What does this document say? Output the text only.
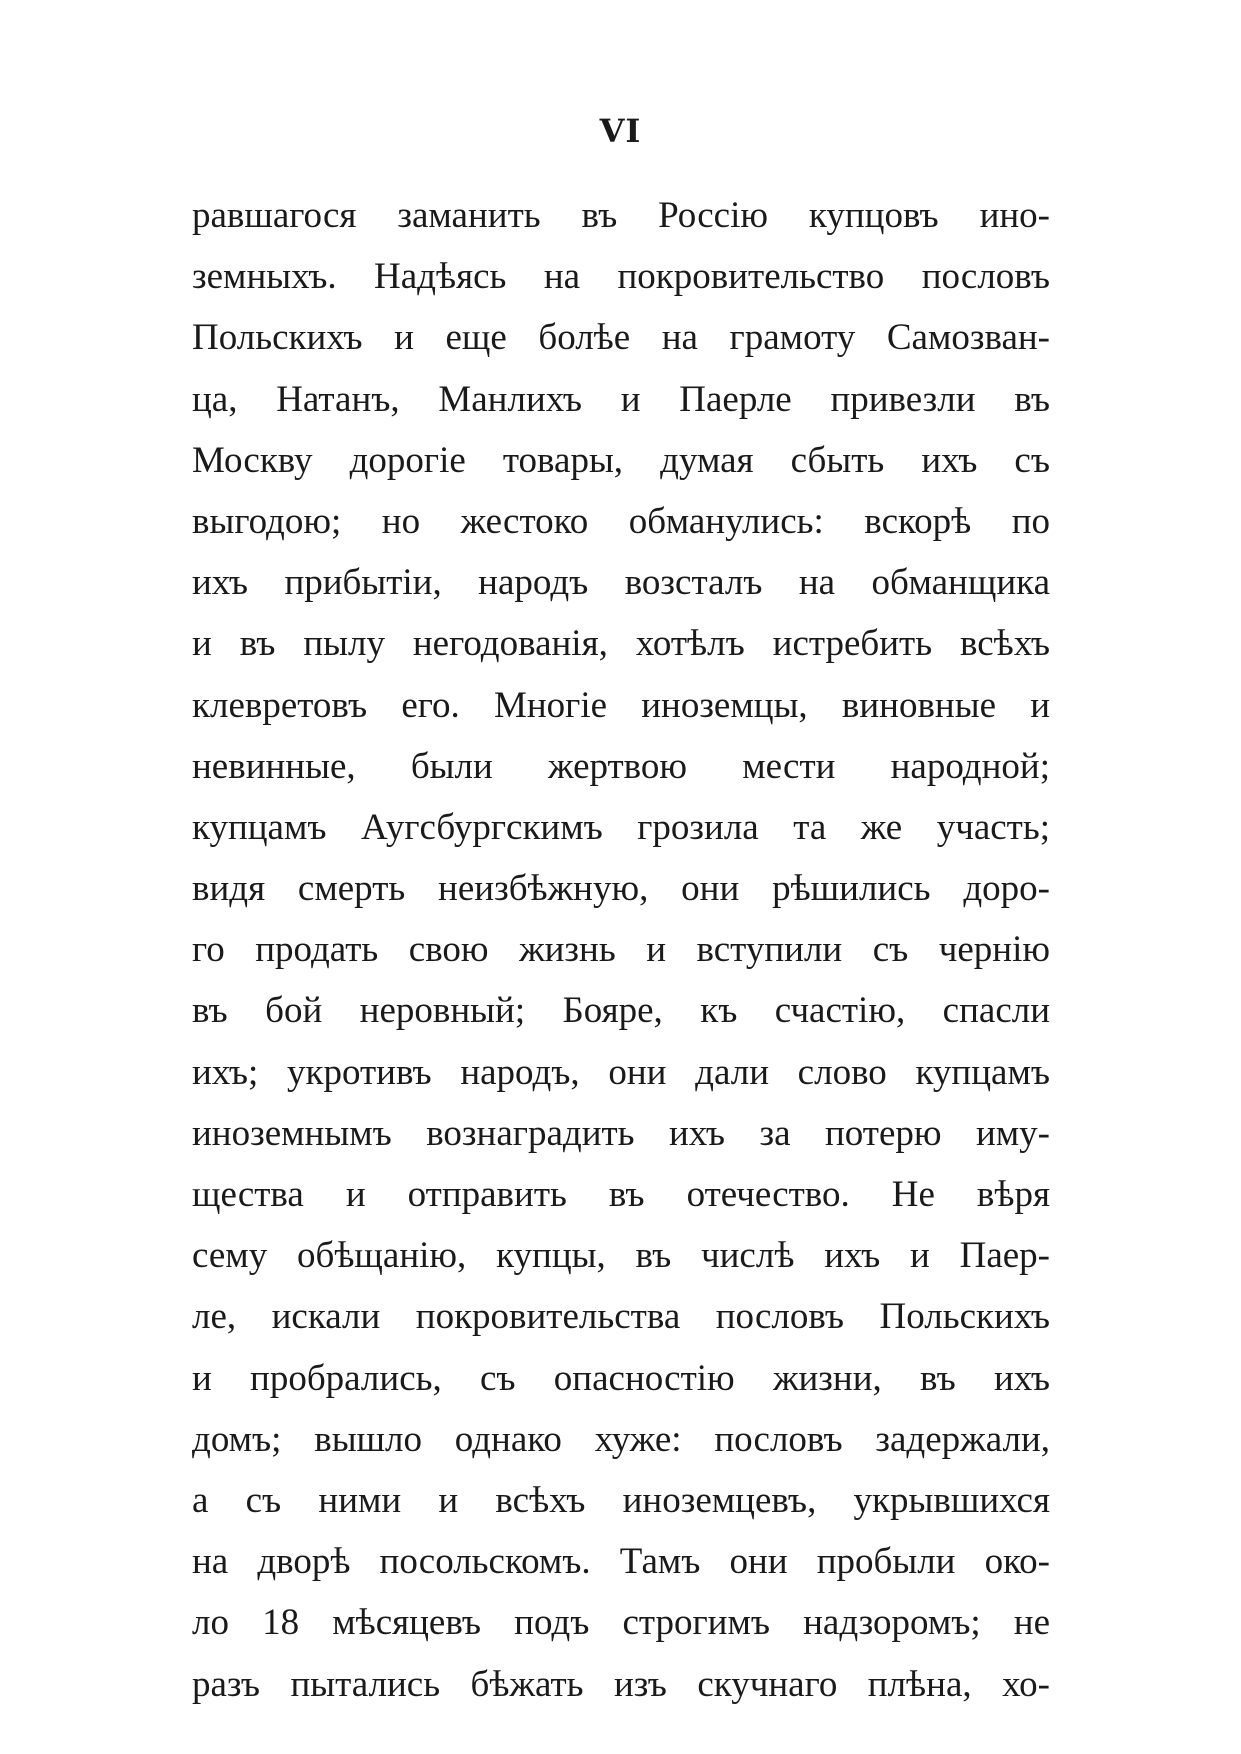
VI
равшагося заманить въ Россію купцовъ ино-
земныхъ. Надѣясь на покровительство пословъ
Польскихъ и еще болѣе на грамоту Самозван-
ца, Натанъ, Манлихъ и Паерле привезли въ
Москву дорогіе товары, думая сбыть ихъ съ
выгодою; но жестоко обманулись: вскорѣ по
ихъ прибытіи, народъ возсталъ на обманщика
и въ пылу негодованія, хотѣлъ истребить всѣхъ
клевретовъ его. Многіе иноземцы, виновные и
невинные, были жертвою мести народной;
купцамъ Аугсбургскимъ грозила та же участь;
видя смерть неизбѣжную, они рѣшились доро-
го продать свою жизнь и вступили съ чернію
въ бой неровный; Бояре, къ счастію, спасли
ихъ; укротивъ народъ, они дали слово купцамъ
иноземнымъ вознаградить ихъ за потерю иму-
щества и отправить въ отечество. Не вѣря
сему обѣщанію, купцы, въ числѣ ихъ и Паер-
ле, искали покровительства пословъ Польскихъ
и пробрались, съ опасностію жизни, въ ихъ
домъ; вышло однако хуже: пословъ задержали,
а съ ними и всѣхъ иноземцевъ, укрывшихся
на дворѣ посольскомъ. Тамъ они пробыли око-
ло 18 мѣсяцевъ подъ строгимъ надзоромъ; не
разъ пытались бѣжать изъ скучнаго плѣна, хо-
